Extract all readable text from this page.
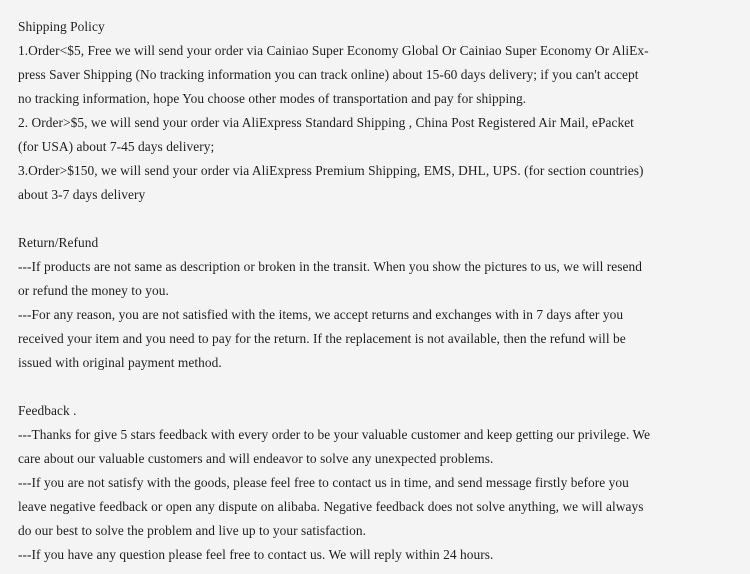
Shipping Policy
1.Order<$5, Free we will send your order via Cainiao Super Economy Global Or Cainiao Super Economy Or AliEx-
press Saver Shipping (No tracking information you can track online) about 15-60 days delivery; if you can't accept
no tracking information, hope You choose other modes of transportation and pay for shipping.
2. Order>$5, we will send your order via AliExpress Standard Shipping , China Post Registered Air Mail, ePacket
(for USA) about 7-45 days delivery;
3.Order>$150, we will send your order via AliExpress Premium Shipping, EMS, DHL, UPS. (for section countries)
about 3-7 days delivery
Return/Refund
---If products are not same as description or broken in the transit. When you show the pictures to us, we will resend
or refund the money to you.
---For any reason, you are not satisfied with the items, we accept returns and exchanges with in 7 days after you
received your item and you need to pay for the return. If the replacement is not available, then the refund will be
issued with original payment method.
Feedback .
---Thanks for give 5 stars feedback with every order to be your valuable customer and keep getting our privilege. We
care about our valuable customers and will endeavor to solve any unexpected problems.
---If you are not satisfy with the goods, please feel free to contact us in time, and send message firstly before you
leave negative feedback or open any dispute on alibaba. Negative feedback does not solve anything, we will always
do our best to solve the problem and live up to your satisfaction.
---If you have any question please feel free to contact us. We will reply within 24 hours.
